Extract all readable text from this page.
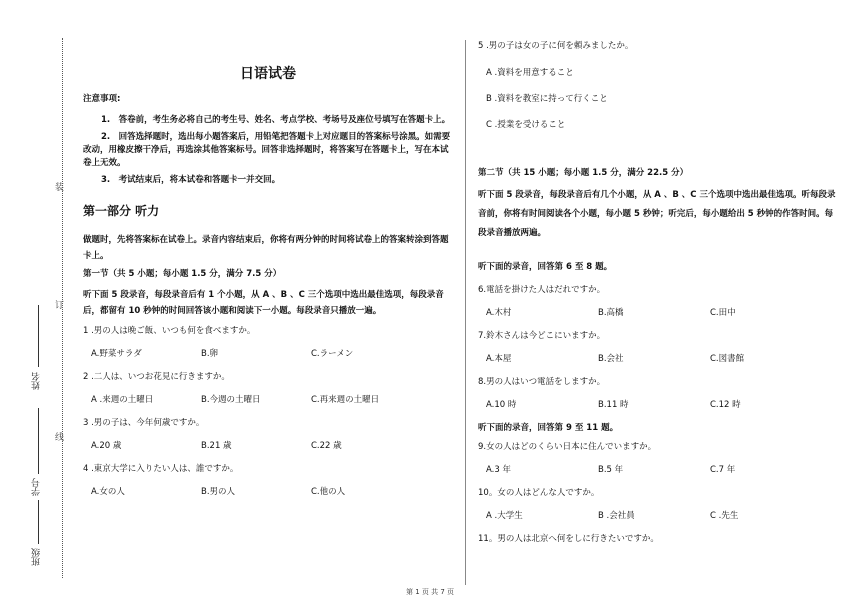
装
订
线
姓名
学号
班级
日语试卷

注意事项:

1.　答卷前，考生务必将自己的考生号、姓名、考点学校、考场号及座位号填写在答题卡上。

2.　回答选择题时，选出每小题答案后，用铅笔把答题卡上对应题目的答案标号涂黑。如需要改动，用橡皮擦干净后，再选涂其他答案标号。回答非选择题时，将答案写在答题卡上，写在本试卷上无效。

3.　考试结束后，将本试卷和答题卡一并交回。

第一部分 听力

做题时，先将答案标在试卷上。录音内容结束后，你将有两分钟的时间将试卷上的答案转涂到答题卡上。

第一节（共 5 小题；每小题 1.5 分，满分 7.5 分）

听下面 5 段录音，每段录音后有 1 个小题，从 A 、B 、C 三个选项中选出最佳选项，每段录音后，都留有 10 秒钟的时间回答该小题和阅读下一小题。每段录音只播放一遍。

1 .男の人は晩ご飯、いつも何を食べますか。

A.野菜サラダ	B.卵	C.ラーメン

2 .二人は、いつお花見に行きますか。

A .来週の土曜日	B.今週の土曜日	C.再来週の土曜日

3 .男の子は、今年何歳ですか。

A.20 歳	B.21 歳	C.22 歳

4 .東京大学に入りたい人は、誰ですか。

A.女の人	B.男の人	C.他の人

5 .男の子は女の子に何を頼みましたか。

A .資料を用意すること

B .資料を教室に持って行くこと

C .授業を受けること

第二节（共 15 小题；每小题 1.5 分，满分 22.5 分）

听下面 5 段录音，每段录音后有几个小题，从 A 、B 、C 三个选项中选出最佳选项。听每段录音前，你将有时间阅读各个小题，每小题 5 秒钟；听完后，每小题给出 5 秒钟的作答时间。每段录音播放两遍。

听下面的录音，回答第 6 至 8 题。

6.電話を掛けた人はだれですか。

A.木村	B.高橋	C.田中

7.鈴木さんは今どこにいますか。

A.本屋	B.会社	C.図書館

8.男の人はいつ電話をしますか。

A.10 時	B.11 時	C.12 時

听下面的录音，回答第 9 至 11 题。

9.女の人はどのくらい日本に住んでいますか。

A.3 年	B.5 年	C.7 年

10。女の人はどんな人ですか。

A .大学生	B .会社員	C .先生

11。男の人は北京へ何をしに行きたいですか。

第 1 页 共 7 页
